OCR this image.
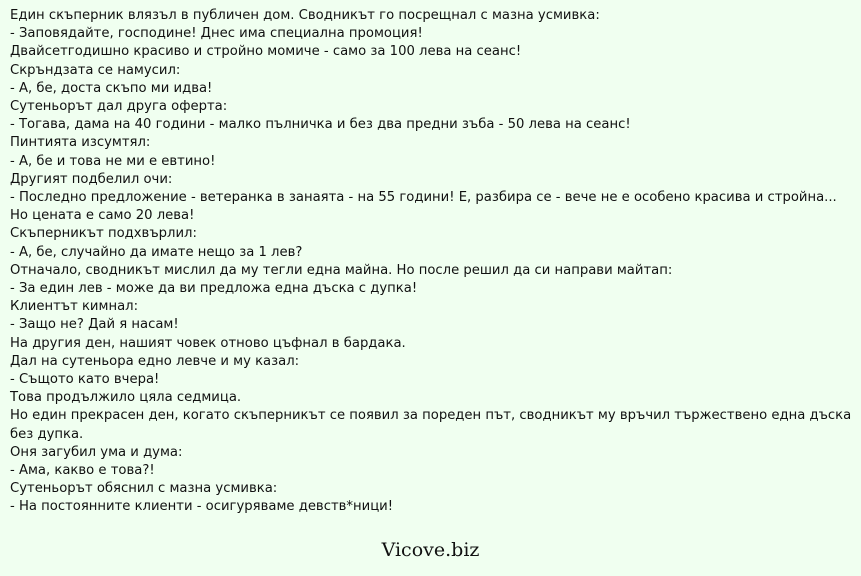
Един скъперник влязъл в публичен дом. Сводникът го посрещнал с мазна усмивка:
- Заповядайте, господине! Днес има специална промоция!
Двайсетгодишно красиво и стройно момиче - само за 100 лева на сеанс!
Скръндзата се намусил:
- А, бе, доста скъпо ми идва!
Сутеньорът дал друга оферта:
- Тогава, дама на 40 години - малко пълничка и без два предни зъба - 50 лева на сеанс!
Пинтията изсумтял:
- А, бе и това не ми е евтино!
Другият подбелил очи:
- Последно предложение - ветеранка в занаята - на 55 години! Е, разбира се - вече не е особено красива и стройна... Но цената е само 20 лева!
Скъперникът подхвърлил:
- А, бе, случайно да имате нещо за 1 лев?
Отначало, сводникът мислил да му тегли една майна. Но после решил да си направи майтап:
- За един лев - може да ви предложа една дъска с дупка!
Клиентът кимнал:
- Защо не? Дай я насам!
На другия ден, нашият човек отново цъфнал в бардака.
Дал на сутеньора едно левче и му казал:
- Същото като вчера!
Това продължило цяла седмица.
Но един прекрасен ден, когато скъперникът се появил за пореден път, сводникът му връчил тържествено една дъска без дупка.
Оня загубил ума и дума:
- Ама, какво е това?!
Сутеньорът обяснил с мазна усмивка:
- На постоянните клиенти - осигуряваме девств*ници!
Vicove.biz
